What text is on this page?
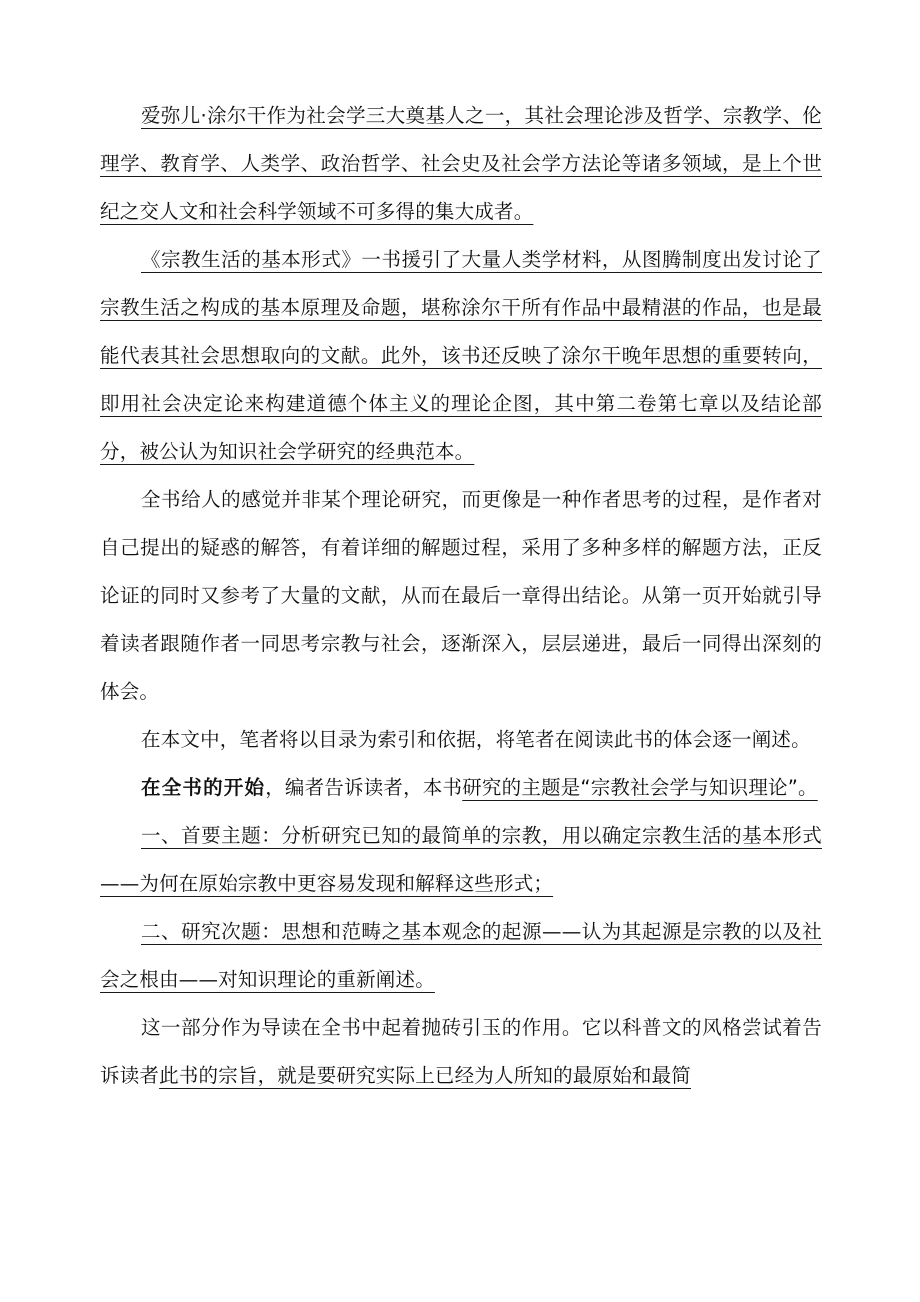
爱弥儿·涂尔干作为社会学三大奠基人之一，其社会理论涉及哲学、宗教学、伦理学、教育学、人类学、政治哲学、社会史及社会学方法论等诸多领域，是上个世纪之交人文和社会科学领域不可多得的集大成者。

《宗教生活的基本形式》一书援引了大量人类学材料，从图腾制度出发讨论了宗教生活之构成的基本原理及命题，堪称涂尔干所有作品中最精湛的作品，也是最能代表其社会思想取向的文献。此外，该书还反映了涂尔干晚年思想的重要转向，即用社会决定论来构建道德个体主义的理论企图，其中第二卷第七章以及结论部分，被公认为知识社会学研究的经典范本。

全书给人的感觉并非某个理论研究，而更像是一种作者思考的过程，是作者对自己提出的疑惑的解答，有着详细的解题过程，采用了多种多样的解题方法，正反论证的同时又参考了大量的文献，从而在最后一章得出结论。从第一页开始就引导着读者跟随作者一同思考宗教与社会，逐渐深入，层层递进，最后一同得出深刻的体会。

在本文中，笔者将以目录为索引和依据，将笔者在阅读此书的体会逐一阐述。

在全书的开始，编者告诉读者，本书研究的主题是“宗教社会学与知识理论”。

一、首要主题：分析研究已知的最简单的宗教，用以确定宗教生活的基本形式——为何在原始宗教中更容易发现和解释这些形式；

二、研究次题：思想和范畴之基本观念的起源——认为其起源是宗教的以及社会之根由——对知识理论的重新阐述。

这一部分作为导读在全书中起着抛砖引玉的作用。它以科普文的风格尝试着告诉读者此书的宗旨，就是要研究实际上已经为人所知的最原始和最简
